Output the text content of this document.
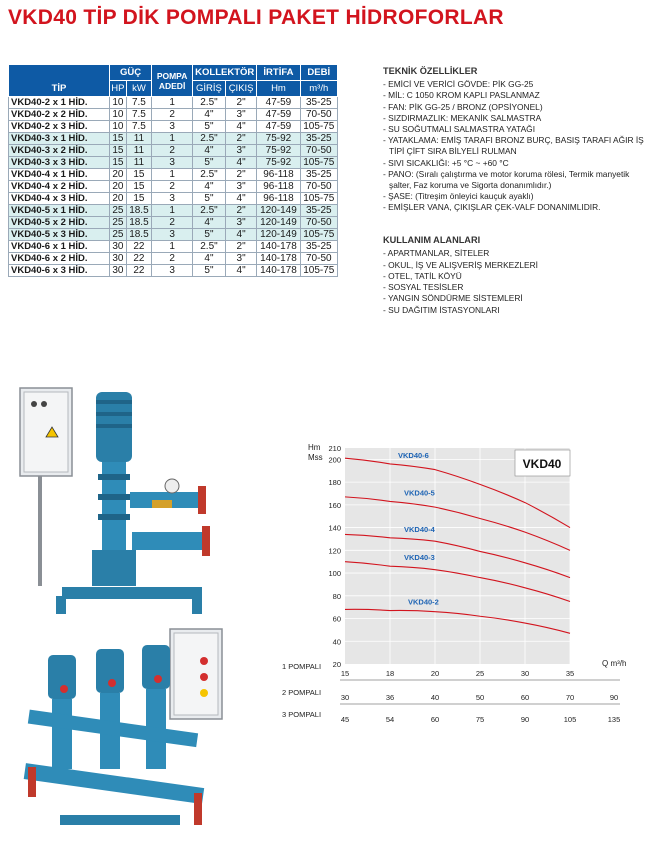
VKD40 TİP DİK POMPALI PAKET HİDROFORLAR
TİP	GÜÇ		POMPA ADEDİ	KOLLEKTÖR		İRTİFA	DEBİ
	HP	kW		GİRİŞ	ÇIKIŞ	Hm	m³/h
VKD40-2 x 1 HİD.	10	7.5	1	2.5"	2"	47-59	35-25
VKD40-2 x 2 HİD.	10	7.5	2	4"	3"	47-59	70-50
VKD40-2 x 3 HİD.	10	7.5	3	5"	4"	47-59	105-75
VKD40-3 x 1 HİD.	15	11	1	2.5"	2"	75-92	35-25
VKD40-3 x 2 HİD.	15	11	2	4"	3"	75-92	70-50
VKD40-3 x 3 HİD.	15	11	3	5"	4"	75-92	105-75
VKD40-4 x 1 HİD.	20	15	1	2.5"	2"	96-118	35-25
VKD40-4 x 2 HİD.	20	15	2	4"	3"	96-118	70-50
VKD40-4 x 3 HİD.	20	15	3	5"	4"	96-118	105-75
VKD40-5 x 1 HİD.	25	18.5	1	2.5"	2"	120-149	35-25
VKD40-5 x 2 HİD.	25	18.5	2	4"	3"	120-149	70-50
VKD40-5 x 3 HİD.	25	18.5	3	5"	4"	120-149	105-75
VKD40-6 x 1 HİD.	30	22	1	2.5"	2"	140-178	35-25
VKD40-6 x 2 HİD.	30	22	2	4"	3"	140-178	70-50
VKD40-6 x 3 HİD.	30	22	3	5"	4"	140-178	105-75
TEKNİK ÖZELLİKLER
- EMİCİ VE VERİCİ GÖVDE: PİK GG-25
- MİL: C 1050 KROM KAPLI PASLANMAZ
- FAN: PİK GG-25 / BRONZ (OPSİYONEL)
- SIZDIRMAZLIK: MEKANİK SALMASTRA
- SU SOĞUTMALI SALMASTRA YATAĞI
- YATAKLAMA: EMİŞ TARAFI BRONZ BURÇ, BASIŞ TARAFI AĞIR İŞ TİPİ ÇİFT SIRA BİLYELİ RULMAN
- SIVI SICAKLIĞI: +5 °C ~ +60 °C
- PANO: (Sıralı çalıştırma ve motor koruma rölesi, Termik manyetik şalter, Faz koruma ve Sigorta donanımlıdır.)
- ŞASE: (Titreşim önleyici kauçuk ayaklı)
- EMİŞLER VANA, ÇIKIŞLAR ÇEK-VALF DONANIMLIDIR.
KULLANIM ALANLARI
- APARTMANLAR, SİTELER
- OKUL, İŞ VE ALIŞVERİŞ MERKEZLERİ
- OTEL, TATİL KÖYÜ
- SOSYAL TESİSLER
- YANGIN SÖNDÜRME SİSTEMLERİ
- SU DAĞITIM İSTASYONLARI
VKD40-6
VKD40-5
VKD40-4
VKD40-3
VKD40-2
20
40
60
80
100
120
140
160
180
200
210
1 POMPALI
15	18	20	25	30	35
2 POMPALI
30	36	40	50	60	70	90
3 POMPALI
45	54	60	75	90	105	135
VKD40
Hm
Mss
Q m³/h
